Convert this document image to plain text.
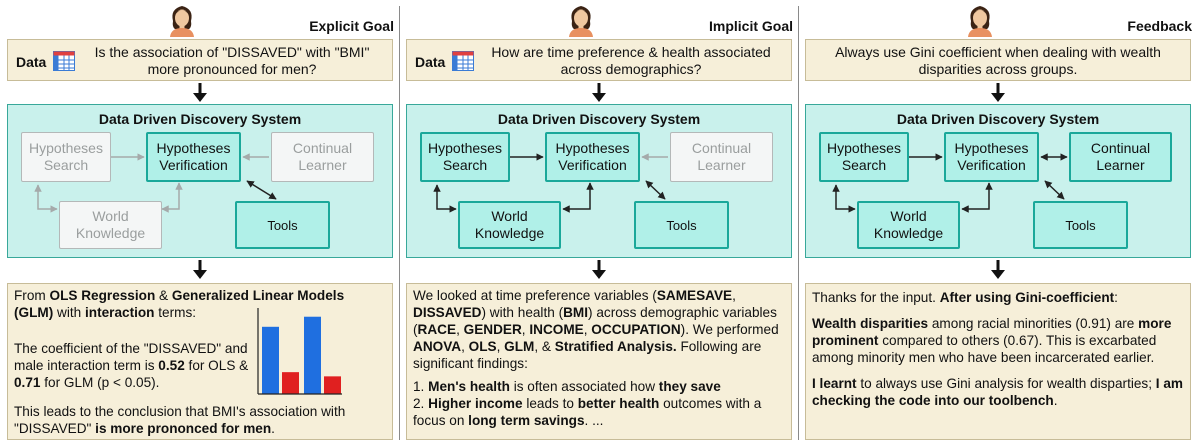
Explicit Goal
Data
Is the association of "DISSAVED" with "BMI" more pronounced for men?
Data Driven Discovery System
Hypotheses Search
Hypotheses Verification
Continual Learner
World Knowledge	Tools

From OLS Regression & Generalized Linear Models (GLM) with interaction terms:

The coefficient of the "DISSAVED" and male interaction term is 0.52 for OLS & 0.71 for GLM (p < 0.05).

This leads to the conclusion that BMI's association with "DISSAVED" is more prononced for men.

Implicit Goal
Data
How are time preference & health associated across demographics?
Data Driven Discovery System
Hypotheses Search
Hypotheses Verification
Continual Learner
World Knowledge	Tools

We looked at time preference variables (SAMESAVE, DISSAVED) with health (BMI) across demographic variables (RACE, GENDER, INCOME, OCCUPATION). We performed ANOVA, OLS, GLM, & Stratified Analysis. Following are significant findings:

1. Men's health is often associated how they save

2. Higher income leads to better health outcomes with a focus on long term savings. ...

Feedback
Always use Gini coefficient when dealing with wealth disparities across groups.
Data Driven Discovery System
Hypotheses Search
Hypotheses Verification
Continual Learner
World Knowledge	Tools

Thanks for the input. After using Gini-coefficient:

Wealth disparities among racial minorities (0.91) are more prominent compared to others (0.67). This is excarbated among minority men who have been incarcerated earlier.

I learnt to always use Gini analysis for wealth disparties; I am checking the code into our toolbench.
